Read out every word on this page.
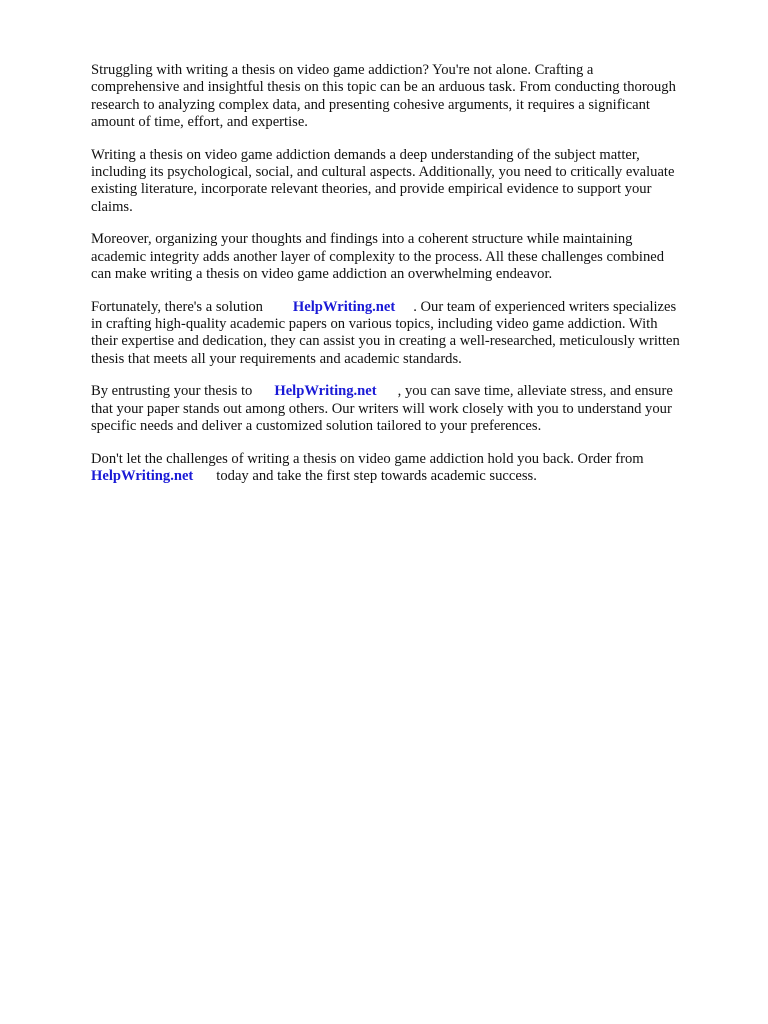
Struggling with writing a thesis on video game addiction? You're not alone. Crafting a
comprehensive and insightful thesis on this topic can be an arduous task. From conducting thorough
research to analyzing complex data, and presenting cohesive arguments, it requires a significant
amount of time, effort, and expertise.

Writing a thesis on video game addiction demands a deep understanding of the subject matter,
including its psychological, social, and cultural aspects. Additionally, you need to critically evaluate
existing literature, incorporate relevant theories, and provide empirical evidence to support your
claims.

Moreover, organizing your thoughts and findings into a coherent structure while maintaining
academic integrity adds another layer of complexity to the process. All these challenges combined
can make writing a thesis on video game addiction an overwhelming endeavor.

Fortunately, there's a solution HelpWriting.net . Our team of experienced writers specializes
in crafting high-quality academic papers on various topics, including video game addiction. With
their expertise and dedication, they can assist you in creating a well-researched, meticulously written
thesis that meets all your requirements and academic standards.

By entrusting your thesis to HelpWriting.net , you can save time, alleviate stress, and ensure
that your paper stands out among others. Our writers will work closely with you to understand your
specific needs and deliver a customized solution tailored to your preferences.

Don't let the challenges of writing a thesis on video game addiction hold you back. Order from
HelpWriting.net today and take the first step towards academic success.
